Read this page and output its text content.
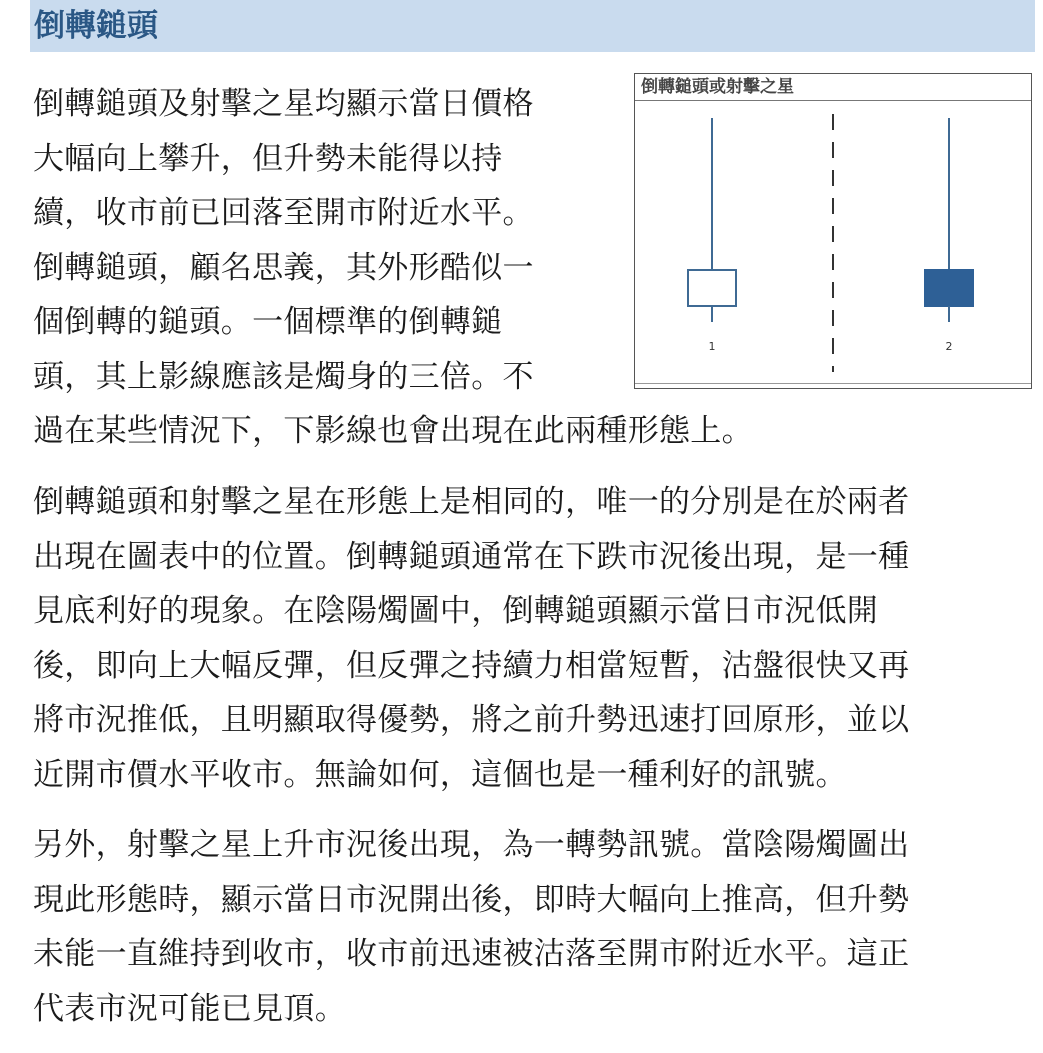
倒轉鎚頭
倒轉鎚頭及射擊之星均顯示當日價格
大幅向上攀升，但升勢未能得以持
續，收市前已回落至開市附近水平。
倒轉鎚頭，顧名思義，其外形酷似一
個倒轉的鎚頭。一個標準的倒轉鎚
頭，其上影線應該是燭身的三倍。不
過在某些情況下，下影線也會出現在此兩種形態上。
倒轉鎚頭和射擊之星在形態上是相同的，唯一的分別是在於兩者
出現在圖表中的位置。倒轉鎚頭通常在下跌市況後出現，是一種
見底利好的現象。在陰陽燭圖中，倒轉鎚頭顯示當日市況低開
後，即向上大幅反彈，但反彈之持續力相當短暫，沽盤很快又再
將市況推低，且明顯取得優勢，將之前升勢迅速打回原形，並以
近開市價水平收市。無論如何，這個也是一種利好的訊號。
另外，射擊之星上升市況後出現，為一轉勢訊號。當陰陽燭圖出
現此形態時，顯示當日市況開出後，即時大幅向上推高，但升勢
未能一直維持到收市，收市前迅速被沽落至開市附近水平。這正
代表市況可能已見頂。
倒轉鎚頭或射擊之星
1	2
